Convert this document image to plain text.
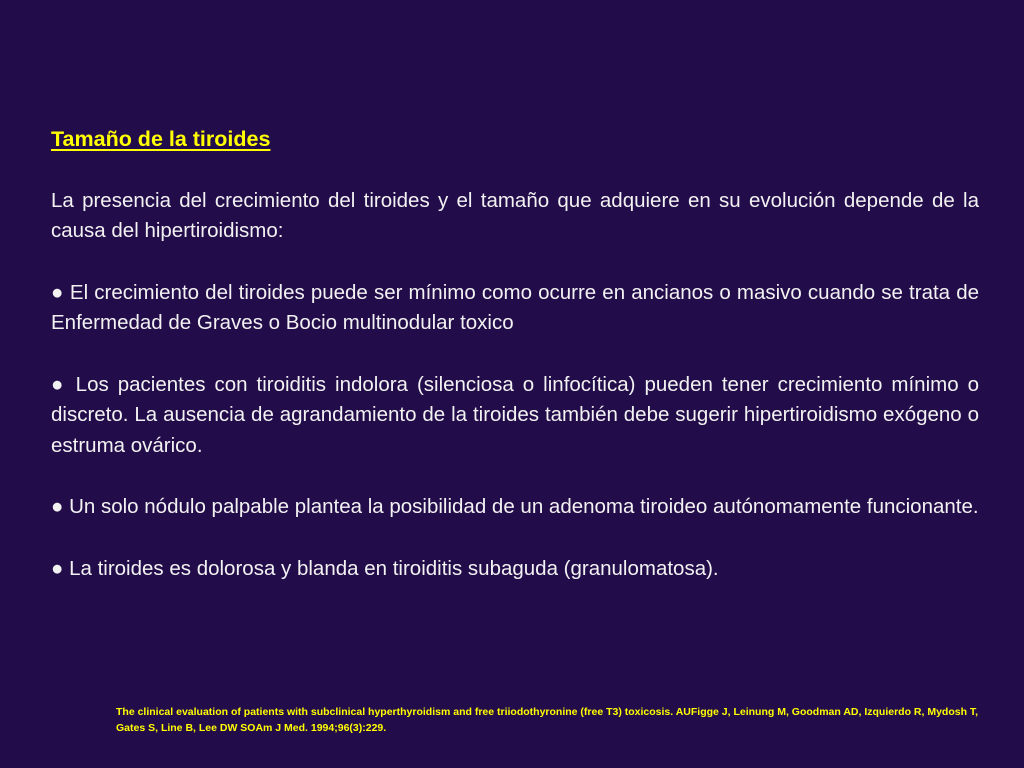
Tamaño de la tiroides

La presencia del crecimiento del tiroides y el tamaño que adquiere en su evolución depende de la causa del hipertiroidismo:

● El crecimiento del tiroides puede ser mínimo como ocurre en ancianos o masivo cuando se trata de Enfermedad de Graves o Bocio multinodular toxico

● Los pacientes con tiroiditis indolora (silenciosa o linfocítica) pueden tener crecimiento mínimo o discreto. La ausencia de agrandamiento de la tiroides también debe sugerir hipertiroidismo exógeno o estruma ovárico.

● Un solo nódulo palpable plantea la posibilidad de un adenoma tiroideo autónomamente funcionante.

● La tiroides es dolorosa y blanda en tiroiditis subaguda (granulomatosa).

The clinical evaluation of patients with subclinical hyperthyroidism and free triiodothyronine (free T3) toxicosis. AUFigge J, Leinung M, Goodman AD, Izquierdo R, Mydosh T, Gates S, Line B, Lee DW SOAm J Med. 1994;96(3):229.
